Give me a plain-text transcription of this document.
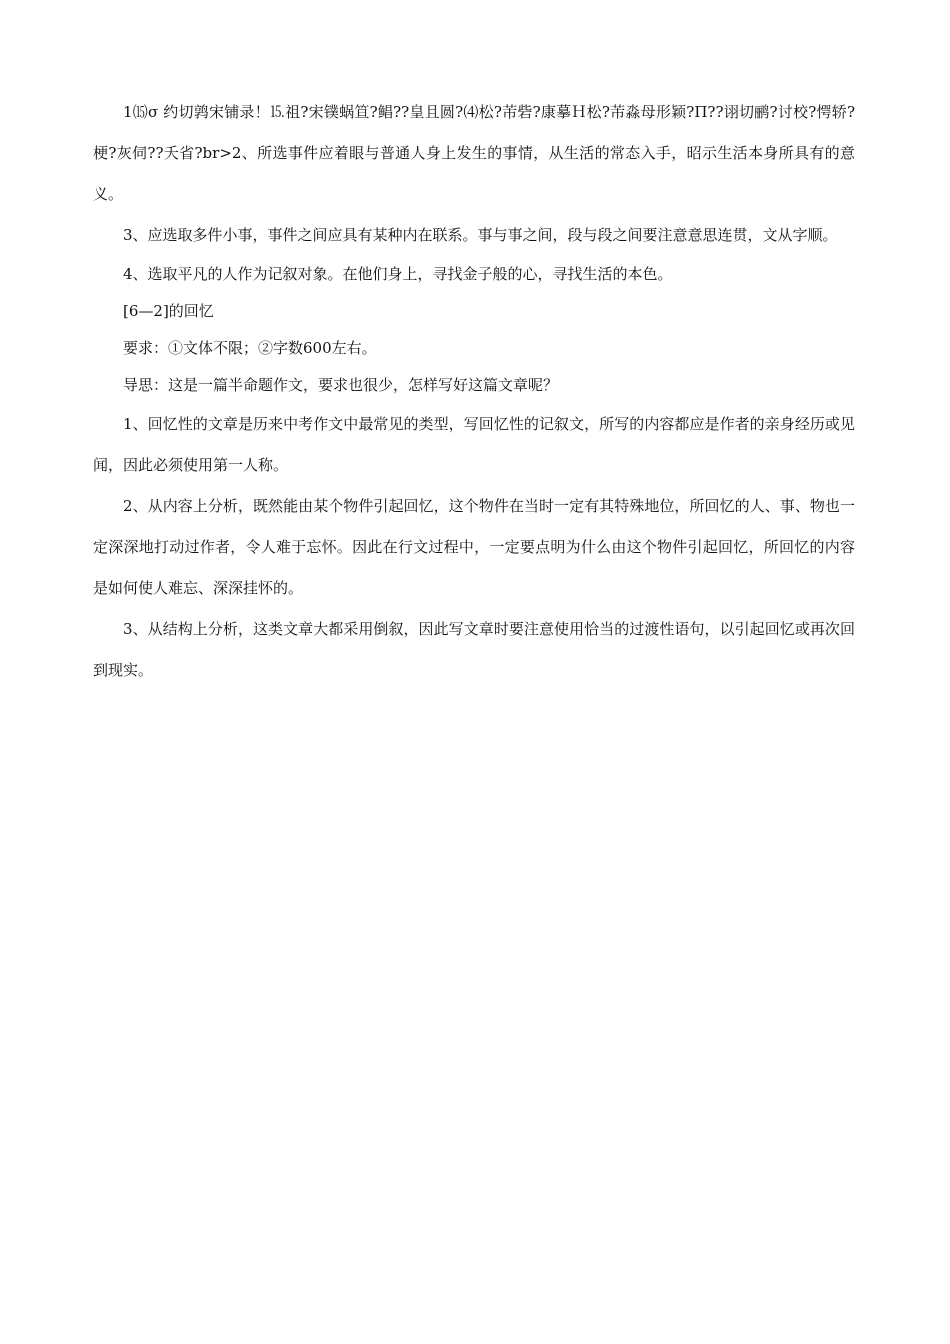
1⒂σ 约切鹑宋铺录！⒖祖?宋镤蜗笪?鲳??皇且圆?⑷松?芾砦?康摹Ｈ松?芾淼母形颖?Π??诩切鹂?讨校?愕轿?梗?灰伺??夭省?br>2、所选事件应着眼与普通人身上发生的事情，从生活的常态入手，昭示生活本身所具有的意义。

3、应选取多件小事，事件之间应具有某种内在联系。事与事之间，段与段之间要注意意思连贯，文从字顺。

4、选取平凡的人作为记叙对象。在他们身上，寻找金子般的心，寻找生活的本色。

[6—2]的回忆

要求：①文体不限；②字数600左右。

导思：这是一篇半命题作文，要求也很少，怎样写好这篇文章呢？

1、回忆性的文章是历来中考作文中最常见的类型，写回忆性的记叙文，所写的内容都应是作者的亲身经历或见闻，因此必须使用第一人称。

2、从内容上分析，既然能由某个物件引起回忆，这个物件在当时一定有其特殊地位，所回忆的人、事、物也一定深深地打动过作者，令人难于忘怀。因此在行文过程中，一定要点明为什么由这个物件引起回忆，所回忆的内容是如何使人难忘、深深挂怀的。

3、从结构上分析，这类文章大都采用倒叙，因此写文章时要注意使用恰当的过渡性语句，以引起回忆或再次回到现实。
